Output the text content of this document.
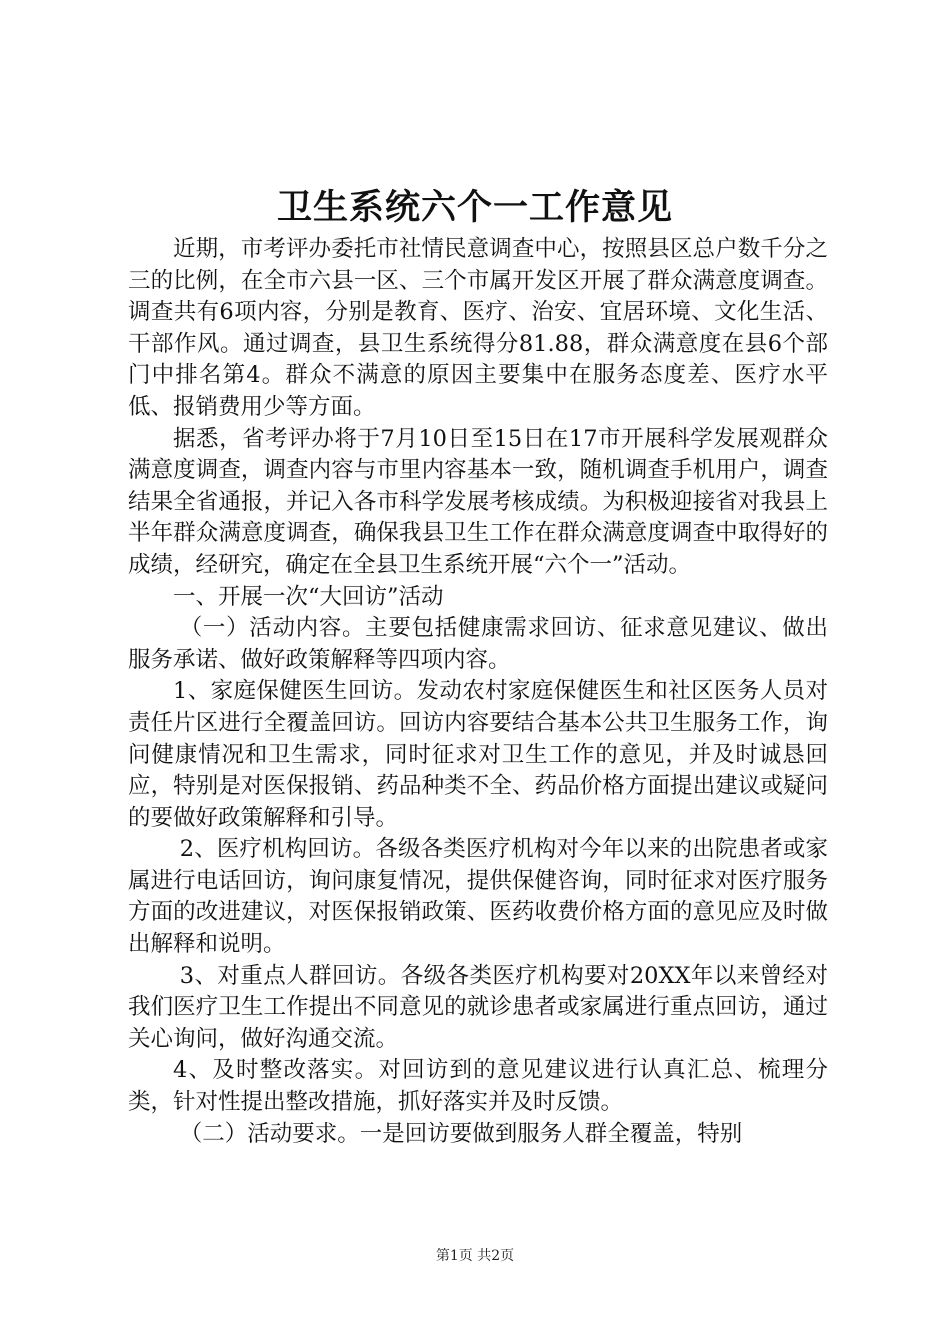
卫生系统六个一工作意见

近期，市考评办委托市社情民意调查中心，按照县区总户数千分之三的比例，在全市六县一区、三个市属开发区开展了群众满意度调查。调查共有6项内容，分别是教育、医疗、治安、宜居环境、文化生活、干部作风。通过调查，县卫生系统得分81.88，群众满意度在县6个部门中排名第4。群众不满意的原因主要集中在服务态度差、医疗水平低、报销费用少等方面。

据悉，省考评办将于7月10日至15日在17市开展科学发展观群众满意度调查，调查内容与市里内容基本一致，随机调查手机用户，调查结果全省通报，并记入各市科学发展考核成绩。为积极迎接省对我县上半年群众满意度调查，确保我县卫生工作在群众满意度调查中取得好的成绩，经研究，确定在全县卫生系统开展“六个一”活动。

一、开展一次“大回访”活动

（一）活动内容。主要包括健康需求回访、征求意见建议、做出服务承诺、做好政策解释等四项内容。

1、家庭保健医生回访。发动农村家庭保健医生和社区医务人员对责任片区进行全覆盖回访。回访内容要结合基本公共卫生服务工作，询问健康情况和卫生需求，同时征求对卫生工作的意见，并及时诚恳回应，特别是对医保报销、药品种类不全、药品价格方面提出建议或疑问的要做好政策解释和引导。

2、医疗机构回访。各级各类医疗机构对今年以来的出院患者或家属进行电话回访，询问康复情况，提供保健咨询，同时征求对医疗服务方面的改进建议，对医保报销政策、医药收费价格方面的意见应及时做出解释和说明。

3、对重点人群回访。各级各类医疗机构要对20XX年以来曾经对我们医疗卫生工作提出不同意见的就诊患者或家属进行重点回访，通过关心询问，做好沟通交流。

4、及时整改落实。对回访到的意见建议进行认真汇总、梳理分类，针对性提出整改措施，抓好落实并及时反馈。

（二）活动要求。一是回访要做到服务人群全覆盖，特别

第1页 共2页
